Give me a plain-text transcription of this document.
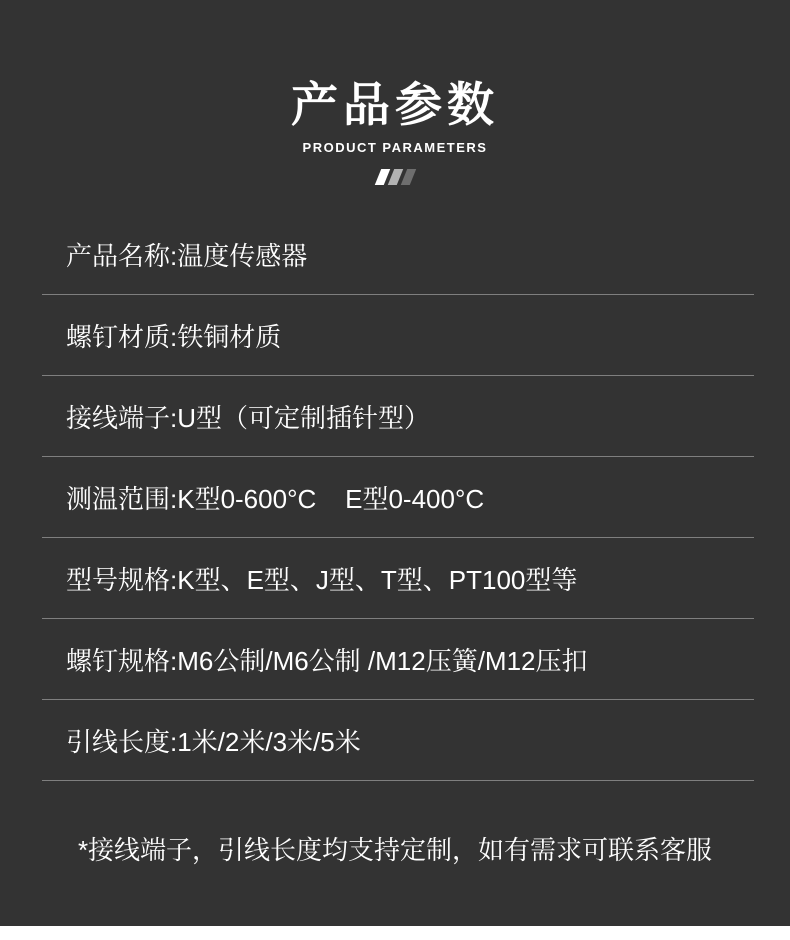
产品参数
PRODUCT PARAMETERS

产品名称:温度传感器
螺钉材质:铁铜材质
接线端子:U型（可定制插针型）
测温范围:K型0-600°C    E型0-400°C
型号规格:K型、E型、J型、T型、PT100型等
螺钉规格:M6公制/M6公制 /M12压簧/M12压扣
引线长度:1米/2米/3米/5米

*接线端子，引线长度均支持定制，如有需求可联系客服
